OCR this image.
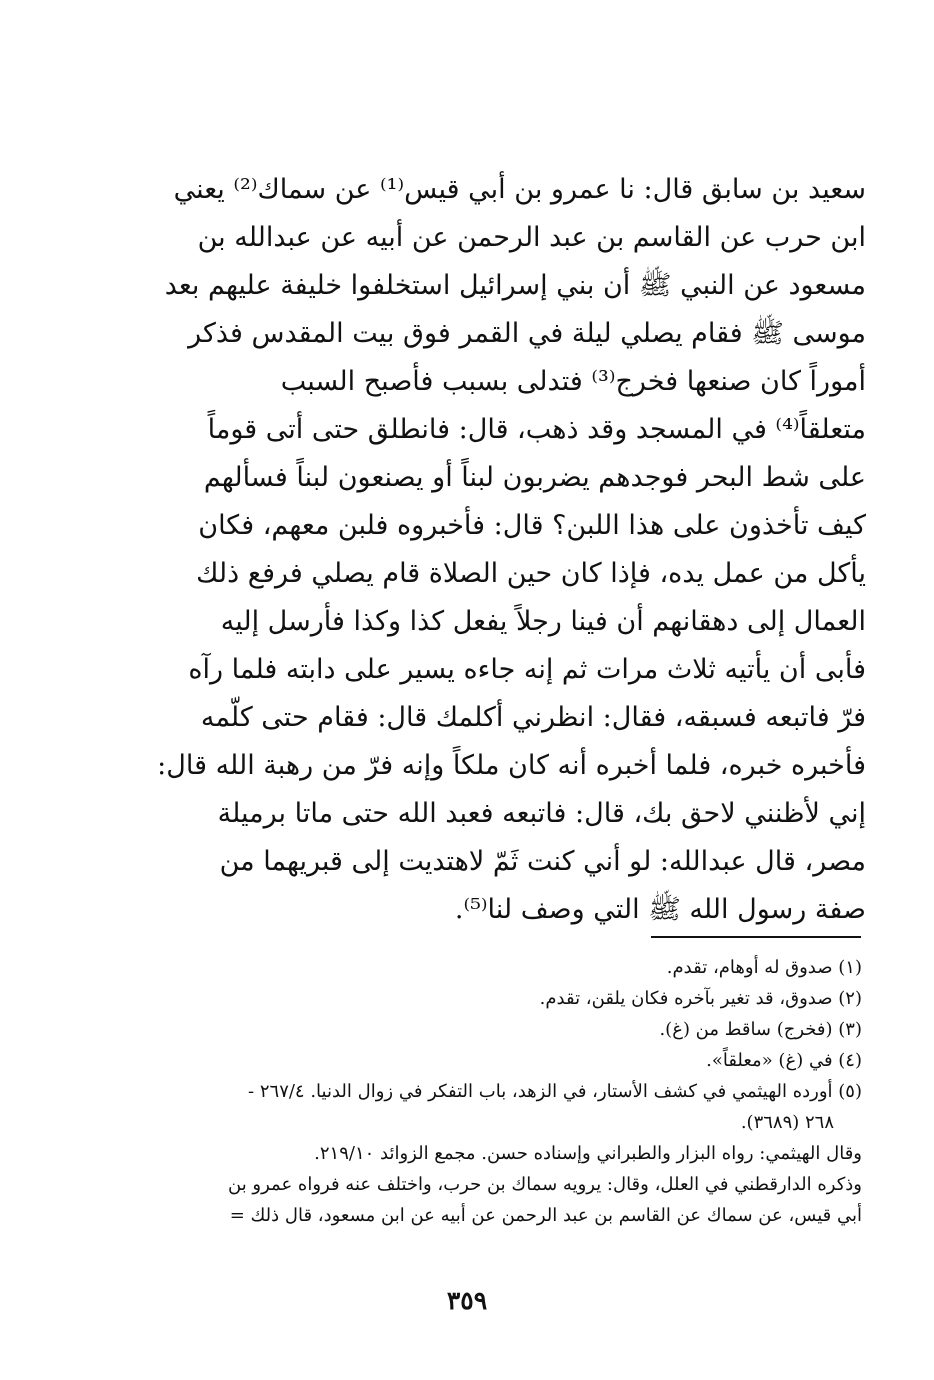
سعيد بن سابق قال: نا عمرو بن أبي قيس⁽¹⁾ عن سماك⁽²⁾ يعني
ابن حرب عن القاسم بن عبد الرحمن عن أبيه عن عبدالله بن
مسعود عن النبي ﷺ أن بني إسرائيل استخلفوا خليفة عليهم بعد
موسى ﷺ فقام يصلي ليلة في القمر فوق بيت المقدس فذكر
أموراً كان صنعها فخرج⁽³⁾ فتدلى بسبب فأصبح السبب
متعلقاً⁽⁴⁾ في المسجد وقد ذهب، قال: فانطلق حتى أتى قوماً
على شط البحر فوجدهم يضربون لبناً أو يصنعون لبناً فسألهم
كيف تأخذون على هذا اللبن؟ قال: فأخبروه فلبن معهم، فكان
يأكل من عمل يده، فإذا كان حين الصلاة قام يصلي فرفع ذلك
العمال إلى دهقانهم أن فينا رجلاً يفعل كذا وكذا فأرسل إليه
فأبى أن يأتيه ثلاث مرات ثم إنه جاءه يسير على دابته فلما رآه
فرّ فاتبعه فسبقه، فقال: انظرني أكلمك قال: فقام حتى كلّمه
فأخبره خبره، فلما أخبره أنه كان ملكاً وإنه فرّ من رهبة الله قال:
إني لأظنني لاحق بك، قال: فاتبعه فعبد الله حتى ماتا برميلة
مصر، قال عبدالله: لو أني كنت ثَمّ لاهتديت إلى قبريهما من
صفة رسول الله ﷺ التي وصف لنا⁽⁵⁾.
(١) صدوق له أوهام، تقدم.
(٢) صدوق، قد تغير بآخره فكان يلقن، تقدم.
(٣) (فخرج) ساقط من (غ).
(٤) في (غ) «معلقاً».
(٥) أورده الهيثمي في كشف الأستار، في الزهد، باب التفكر في زوال الدنيا. ٢٦٧/٤ -
٢٦٨ (٣٦٨٩).
وقال الهيثمي: رواه البزار والطبراني وإسناده حسن. مجمع الزوائد ٢١٩/١٠.
وذكره الدارقطني في العلل، وقال: يرويه سماك بن حرب، واختلف عنه فرواه عمرو بن
أبي قيس، عن سماك عن القاسم بن عبد الرحمن عن أبيه عن ابن مسعود، قال ذلك =
٣٥٩
